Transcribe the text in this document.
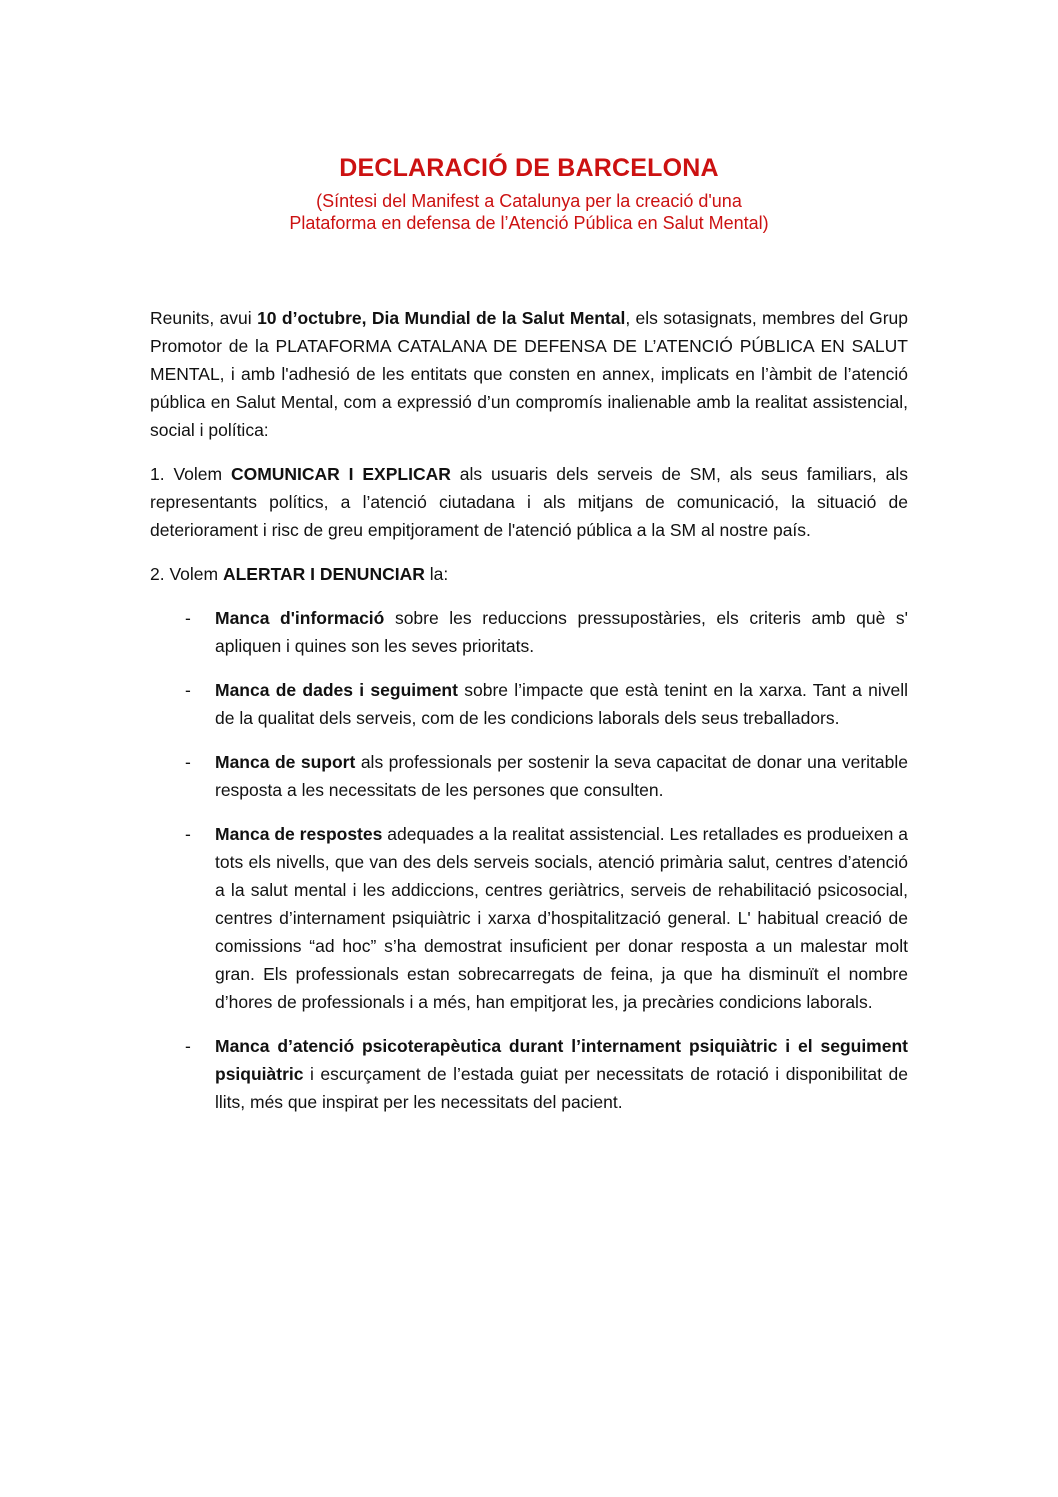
DECLARACIÓ DE BARCELONA
(Síntesi del Manifest a Catalunya per la creació d'una
Plataforma en defensa de l’Atenció Pública en Salut Mental)

Reunits, avui 10 d’octubre, Dia Mundial de la Salut Mental, els sotasignats, membres del Grup Promotor de la PLATAFORMA CATALANA DE DEFENSA DE L’ATENCIÓ PÚBLICA EN SALUT MENTAL, i amb l'adhesió de les entitats que consten en annex, implicats en l’àmbit de l’atenció pública en Salut Mental, com a expressió d’un compromís inalienable amb la realitat assistencial, social i política:

1. Volem COMUNICAR I EXPLICAR als usuaris dels serveis de SM, als seus familiars, als representants polítics, a l’atenció ciutadana i als mitjans de comunicació, la situació de deteriorament i risc de greu empitjorament de l'atenció pública a la SM al nostre país.

2. Volem ALERTAR I DENUNCIAR la:

-	Manca d'informació sobre les reduccions pressupostàries, els criteris amb què s' apliquen i quines son les seves prioritats.

-	Manca de dades i seguiment sobre l’impacte que està tenint en la xarxa. Tant a nivell de la qualitat dels serveis, com de les condicions laborals dels seus treballadors.

-	Manca de suport als professionals per sostenir la seva capacitat de donar una veritable resposta a les necessitats de les persones que consulten.

-	Manca de respostes adequades a la realitat assistencial. Les retallades es produeixen a tots els nivells, que van des dels serveis socials, atenció primària salut, centres d’atenció a la salut mental i les addiccions, centres geriàtrics, serveis de rehabilitació psicosocial, centres d’internament psiquiàtric i xarxa d’hospitalització general. L' habitual creació de comissions “ad hoc” s’ha demostrat insuficient per donar resposta a un malestar molt gran. Els professionals estan sobrecarregats de feina, ja que ha disminuït el nombre d’hores de professionals i a més, han empitjorat les, ja precàries condicions laborals.

-	Manca d’atenció psicoterapèutica durant l’internament psiquiàtric i el seguiment psiquiàtric i escurçament de l’estada guiat per necessitats de rotació i disponibilitat de llits, més que inspirat per les necessitats del pacient.
